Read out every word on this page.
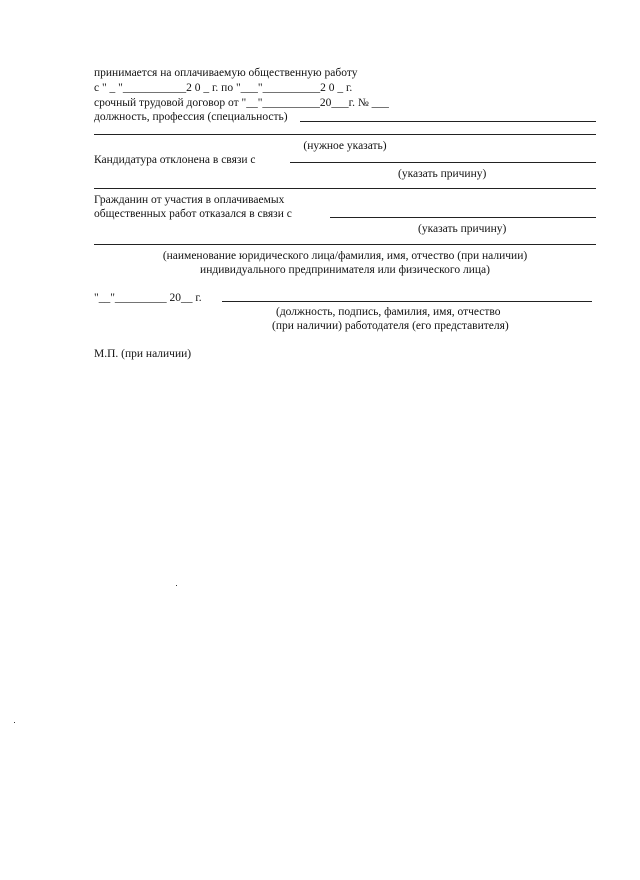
принимается на оплачиваемую общественную работу
с " _ "___________2 0 _ г. по "___"__________2 0 _ г.
срочный трудовой договор от "__"__________20___г. № ___
должность, профессия (специальность)
(нужное указать)
Кандидатура отклонена в связи с
(указать причину)
Гражданин от участия в оплачиваемых
общественных работ отказался в связи с
(указать причину)
(наименование юридического лица/фамилия, имя, отчество (при наличии)
индивидуального предпринимателя или физического лица)
"__"_________ 20__ г.
(должность, подпись, фамилия, имя, отчество
(при наличии) работодателя (его представителя)
М.П. (при наличии)
